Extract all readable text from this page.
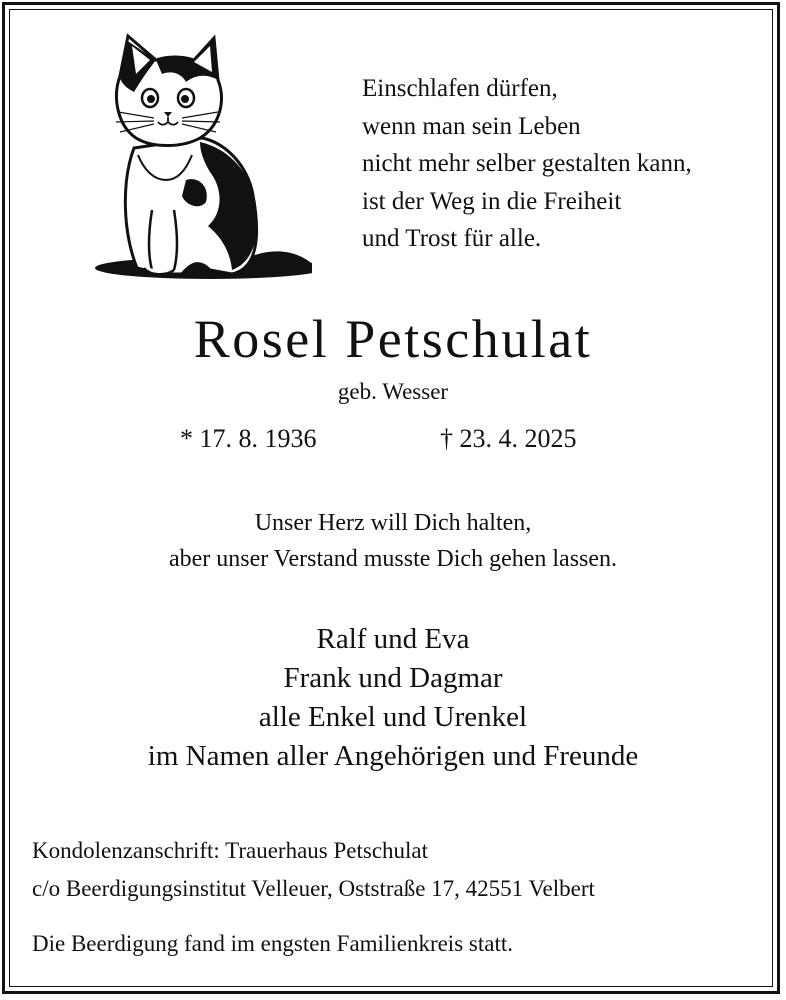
Einschlafen dürfen,
wenn man sein Leben
nicht mehr selber gestalten kann,
ist der Weg in die Freiheit
und Trost für alle.
Rosel Petschulat
geb. Wesser
* 17. 8. 1936	† 23. 4. 2025
Unser Herz will Dich halten,
aber unser Verstand musste Dich gehen lassen.
Ralf und Eva
Frank und Dagmar
alle Enkel und Urenkel
im Namen aller Angehörigen und Freunde
Kondolenzanschrift: Trauerhaus Petschulat
c/o Beerdigungsinstitut Velleuer, Oststraße 17, 42551 Velbert
Die Beerdigung fand im engsten Familienkreis statt.
